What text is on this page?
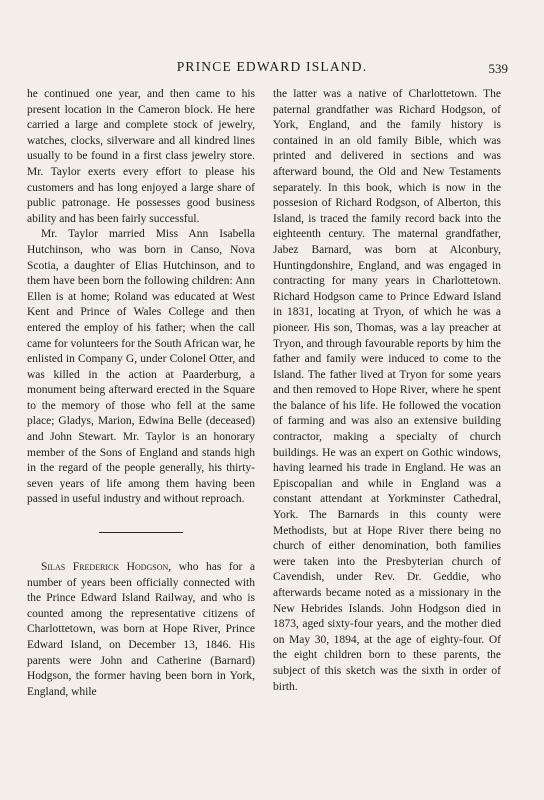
PRINCE EDWARD ISLAND.	539

he continued one year, and then came to his present location in the Cameron block. He here carried a large and complete stock of jewelry, watches, clocks, silverware and all kindred lines usually to be found in a first class jewelry store. Mr. Taylor exerts every effort to please his customers and has long enjoyed a large share of public patronage. He possesses good business ability and has been fairly successful.

Mr. Taylor married Miss Ann Isabella Hutchinson, who was born in Canso, Nova Scotia, a daughter of Elias Hutchinson, and to them have been born the following children: Ann Ellen is at home; Roland was educated at West Kent and Prince of Wales College and then entered the employ of his father; when the call came for volunteers for the South African war, he enlisted in Company G, under Colonel Otter, and was killed in the action at Paarderburg, a monument being afterward erected in the Square to the memory of those who fell at the same place; Gladys, Marion, Edwina Belle (deceased) and John Stewart. Mr. Taylor is an honorary member of the Sons of England and stands high in the regard of the people generally, his thirty-seven years of life among them having been passed in useful industry and without reproach.

Silas Frederick Hodgson, who has for a number of years been officially connected with the Prince Edward Island Railway, and who is counted among the representative citizens of Charlottetown, was born at Hope River, Prince Edward Island, on December 13, 1846. His parents were John and Catherine (Barnard) Hodgson, the former having been born in York, England, while

the latter was a native of Charlottetown. The paternal grandfather was Richard Hodgson, of York, England, and the family history is contained in an old family Bible, which was printed and delivered in sections and was afterward bound, the Old and New Testaments separately. In this book, which is now in the possesion of Richard Rodgson, of Alberton, this Island, is traced the family record back into the eighteenth century. The maternal grandfather, Jabez Barnard, was born at Alconbury, Huntingdonshire, England, and was engaged in contracting for many years in Charlottetown. Richard Hodgson came to Prince Edward Island in 1831, locating at Tryon, of which he was a pioneer. His son, Thomas, was a lay preacher at Tryon, and through favourable reports by him the father and family were induced to come to the Island. The father lived at Tryon for some years and then removed to Hope River, where he spent the balance of his life. He followed the vocation of farming and was also an extensive building contractor, making a specialty of church buildings. He was an expert on Gothic windows, having learned his trade in England. He was an Episcopalian and while in England was a constant attendant at Yorkminster Cathedral, York. The Barnards in this county were Methodists, but at Hope River there being no church of either denomination, both families were taken into the Presbyterian church of Cavendish, under Rev. Dr. Geddie, who afterwards became noted as a missionary in the New Hebrides Islands. John Hodgson died in 1873, aged sixty-four years, and the mother died on May 30, 1894, at the age of eighty-four. Of the eight children born to these parents, the subject of this sketch was the sixth in order of birth.
